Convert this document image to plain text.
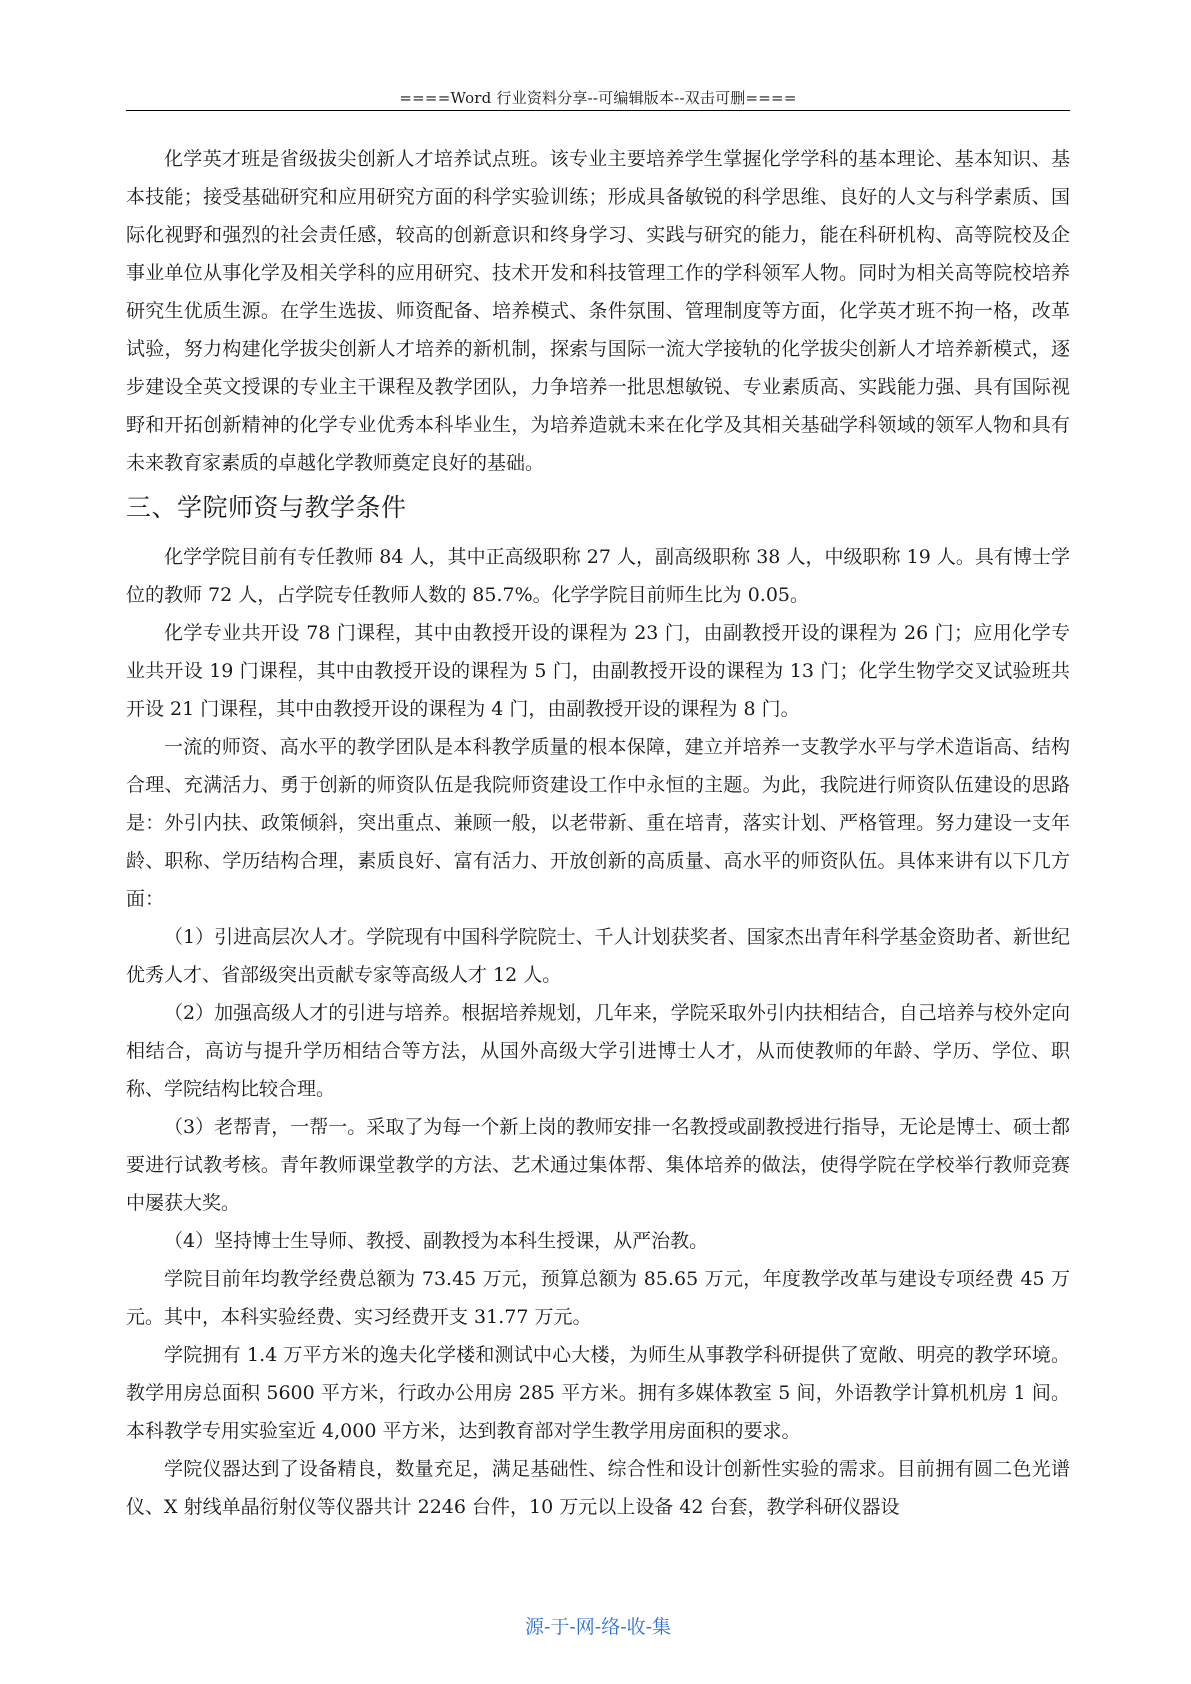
====Word 行业资料分享--可编辑版本--双击可删====

化学英才班是省级拔尖创新人才培养试点班。该专业主要培养学生掌握化学学科的基本理论、基本知识、基本技能；接受基础研究和应用研究方面的科学实验训练；形成具备敏锐的科学思维、良好的人文与科学素质、国际化视野和强烈的社会责任感，较高的创新意识和终身学习、实践与研究的能力，能在科研机构、高等院校及企事业单位从事化学及相关学科的应用研究、技术开发和科技管理工作的学科领军人物。同时为相关高等院校培养研究生优质生源。在学生选拔、师资配备、培养模式、条件氛围、管理制度等方面，化学英才班不拘一格，改革试验，努力构建化学拔尖创新人才培养的新机制，探索与国际一流大学接轨的化学拔尖创新人才培养新模式，逐步建设全英文授课的专业主干课程及教学团队，力争培养一批思想敏锐、专业素质高、实践能力强、具有国际视野和开拓创新精神的化学专业优秀本科毕业生，为培养造就未来在化学及其相关基础学科领域的领军人物和具有未来教育家素质的卓越化学教师奠定良好的基础。

三、学院师资与教学条件

化学学院目前有专任教师 84 人，其中正高级职称 27 人，副高级职称 38 人，中级职称 19 人。具有博士学位的教师 72 人，占学院专任教师人数的 85.7%。化学学院目前师生比为 0.05。

化学专业共开设 78 门课程，其中由教授开设的课程为 23 门，由副教授开设的课程为 26 门；应用化学专业共开设 19 门课程，其中由教授开设的课程为 5 门，由副教授开设的课程为 13 门；化学生物学交叉试验班共开设 21 门课程，其中由教授开设的课程为 4 门，由副教授开设的课程为 8 门。

一流的师资、高水平的教学团队是本科教学质量的根本保障，建立并培养一支教学水平与学术造诣高、结构合理、充满活力、勇于创新的师资队伍是我院师资建设工作中永恒的主题。为此，我院进行师资队伍建设的思路是：外引内扶、政策倾斜，突出重点、兼顾一般，以老带新、重在培青，落实计划、严格管理。努力建设一支年龄、职称、学历结构合理，素质良好、富有活力、开放创新的高质量、高水平的师资队伍。具体来讲有以下几方面：

（1）引进高层次人才。学院现有中国科学院院士、千人计划获奖者、国家杰出青年科学基金资助者、新世纪优秀人才、省部级突出贡献专家等高级人才 12 人。

（2）加强高级人才的引进与培养。根据培养规划，几年来，学院采取外引内扶相结合，自己培养与校外定向相结合，高访与提升学历相结合等方法，从国外高级大学引进博士人才，从而使教师的年龄、学历、学位、职称、学院结构比较合理。

（3）老帮青，一帮一。采取了为每一个新上岗的教师安排一名教授或副教授进行指导，无论是博士、硕士都要进行试教考核。青年教师课堂教学的方法、艺术通过集体帮、集体培养的做法，使得学院在学校举行教师竞赛中屡获大奖。

（4）坚持博士生导师、教授、副教授为本科生授课，从严治教。

学院目前年均教学经费总额为 73.45 万元，预算总额为 85.65 万元，年度教学改革与建设专项经费 45 万元。其中，本科实验经费、实习经费开支 31.77 万元。

学院拥有 1.4 万平方米的逸夫化学楼和测试中心大楼，为师生从事教学科研提供了宽敞、明亮的教学环境。教学用房总面积 5600 平方米，行政办公用房 285 平方米。拥有多媒体教室 5 间，外语教学计算机机房 1 间。本科教学专用实验室近 4,000 平方米，达到教育部对学生教学用房面积的要求。

学院仪器达到了设备精良，数量充足，满足基础性、综合性和设计创新性实验的需求。目前拥有圆二色光谱仪、X 射线单晶衍射仪等仪器共计 2246 台件，10 万元以上设备 42 台套，教学科研仪器设

源-于-网-络-收-集
